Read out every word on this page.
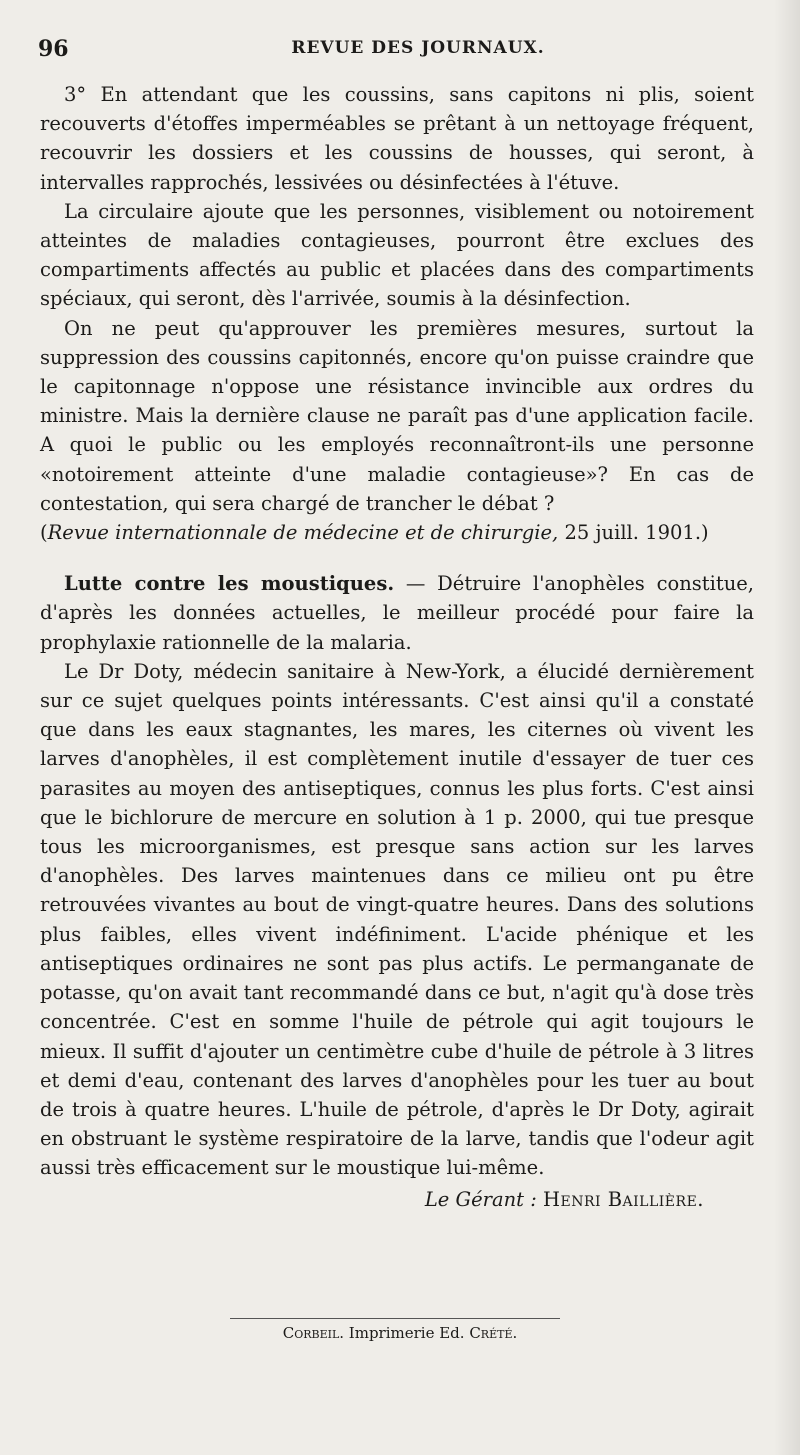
96	REVUE DES JOURNAUX.

3° En attendant que les coussins, sans capitons ni plis, soient recouverts d'étoffes imperméables se prêtant à un nettoyage fréquent, recouvrir les dossiers et les coussins de housses, qui seront, à intervalles rapprochés, lessivées ou désinfectées à l'étuve.

La circulaire ajoute que les personnes, visiblement ou notoirement atteintes de maladies contagieuses, pourront être exclues des compartiments affectés au public et placées dans des compartiments spéciaux, qui seront, dès l'arrivée, soumis à la désinfection.

On ne peut qu'approuver les premières mesures, surtout la suppression des coussins capitonnés, encore qu'on puisse craindre que le capitonnage n'oppose une résistance invincible aux ordres du ministre. Mais la dernière clause ne paraît pas d'une application facile. A quoi le public ou les employés reconnaîtront-ils une personne «notoirement atteinte d'une maladie contagieuse»? En cas de contestation, qui sera chargé de trancher le débat ?

(Revue internationnale de médecine et de chirurgie, 25 juill. 1901.)

Lutte contre les moustiques. — Détruire l'anophèles constitue, d'après les données actuelles, le meilleur procédé pour faire la prophylaxie rationnelle de la malaria.

Le Dr Doty, médecin sanitaire à New-York, a élucidé dernièrement sur ce sujet quelques points intéressants. C'est ainsi qu'il a constaté que dans les eaux stagnantes, les mares, les citernes où vivent les larves d'anophèles, il est complètement inutile d'essayer de tuer ces parasites au moyen des antiseptiques, connus les plus forts. C'est ainsi que le bichlorure de mercure en solution à 1 p. 2000, qui tue presque tous les microorganismes, est presque sans action sur les larves d'anophèles. Des larves maintenues dans ce milieu ont pu être retrouvées vivantes au bout de vingt-quatre heures. Dans des solutions plus faibles, elles vivent indéfiniment. L'acide phénique et les antiseptiques ordinaires ne sont pas plus actifs. Le permanganate de potasse, qu'on avait tant recommandé dans ce but, n'agit qu'à dose très concentrée. C'est en somme l'huile de pétrole qui agit toujours le mieux. Il suffit d'ajouter un centimètre cube d'huile de pétrole à 3 litres et demi d'eau, contenant des larves d'anophèles pour les tuer au bout de trois à quatre heures. L'huile de pétrole, d'après le Dr Doty, agirait en obstruant le système respiratoire de la larve, tandis que l'odeur agit aussi très efficacement sur le moustique lui-même.

Le Gérant : Henri Baillière.

Corbeil. Imprimerie Ed. Crété.
